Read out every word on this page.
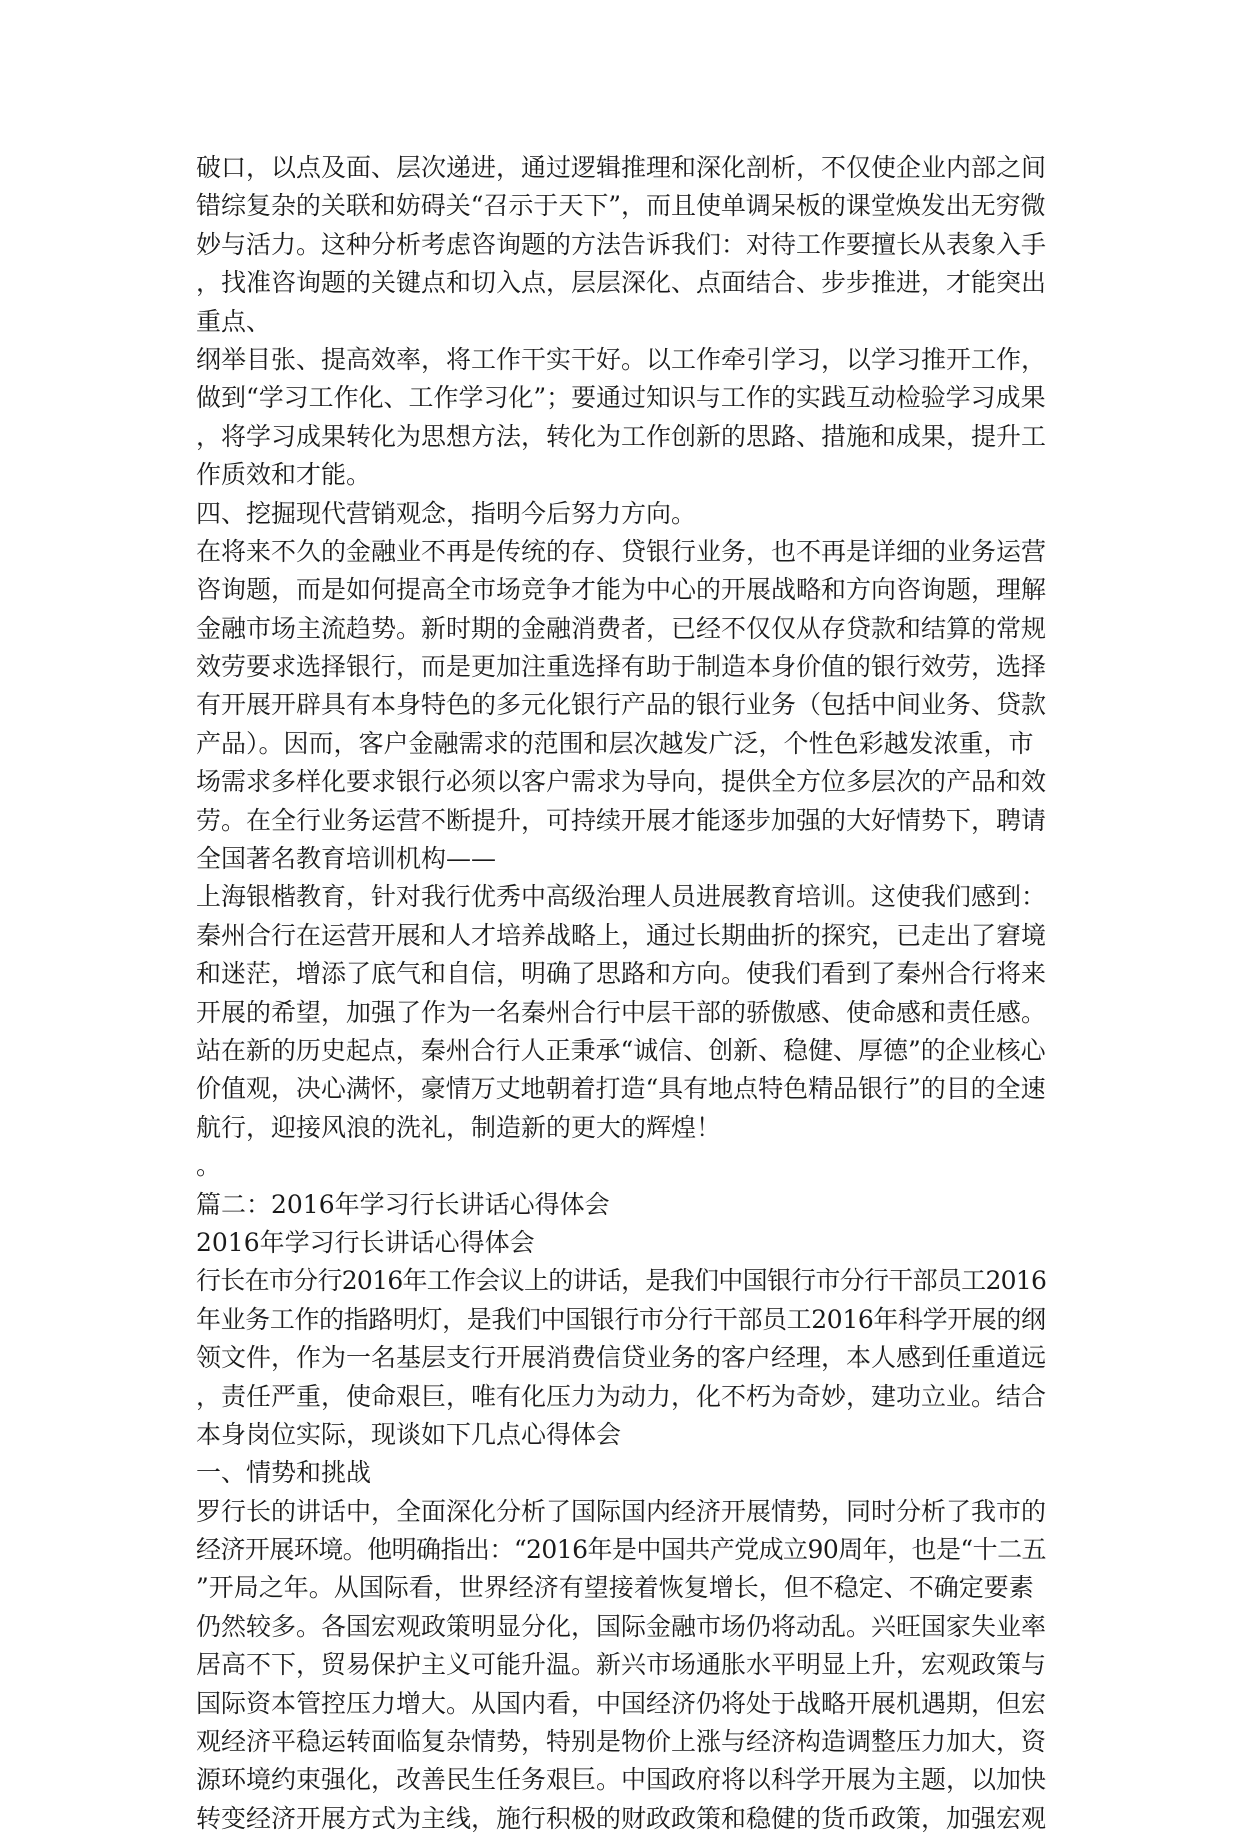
破口，以点及面、层次递进，通过逻辑推理和深化剖析，不仅使企业内部之间
错综复杂的关联和妨碍关“召示于天下”，而且使单调呆板的课堂焕发出无穷微
妙与活力。这种分析考虑咨询题的方法告诉我们：对待工作要擅长从表象入手
，找准咨询题的关键点和切入点，层层深化、点面结合、步步推进，才能突出
重点、
纲举目张、提高效率，将工作干实干好。以工作牵引学习，以学习推开工作，
做到“学习工作化、工作学习化”；要通过知识与工作的实践互动检验学习成果
，将学习成果转化为思想方法，转化为工作创新的思路、措施和成果，提升工
作质效和才能。
四、挖掘现代营销观念，指明今后努力方向。
在将来不久的金融业不再是传统的存、贷银行业务，也不再是详细的业务运营
咨询题，而是如何提高全市场竞争才能为中心的开展战略和方向咨询题，理解
金融市场主流趋势。新时期的金融消费者，已经不仅仅从存贷款和结算的常规
效劳要求选择银行，而是更加注重选择有助于制造本身价值的银行效劳，选择
有开展开辟具有本身特色的多元化银行产品的银行业务（包括中间业务、贷款
产品）。因而，客户金融需求的范围和层次越发广泛，个性色彩越发浓重，市
场需求多样化要求银行必须以客户需求为导向，提供全方位多层次的产品和效
劳。在全行业务运营不断提升，可持续开展才能逐步加强的大好情势下，聘请
全国著名教育培训机构——
上海银楷教育，针对我行优秀中高级治理人员进展教育培训。这使我们感到：
秦州合行在运营开展和人才培养战略上，通过长期曲折的探究，已走出了窘境
和迷茫，增添了底气和自信，明确了思路和方向。使我们看到了秦州合行将来
开展的希望，加强了作为一名秦州合行中层干部的骄傲感、使命感和责任感。
站在新的历史起点，秦州合行人正秉承“诚信、创新、稳健、厚德”的企业核心
价值观，决心满怀，豪情万丈地朝着打造“具有地点特色精品银行”的目的全速
航行，迎接风浪的洗礼，制造新的更大的辉煌！
。
篇二：2016年学习行长讲话心得体会
2016年学习行长讲话心得体会
行长在市分行2016年工作会议上的讲话，是我们中国银行市分行干部员工2016
年业务工作的指路明灯，是我们中国银行市分行干部员工2016年科学开展的纲
领文件，作为一名基层支行开展消费信贷业务的客户经理，本人感到任重道远
，责任严重，使命艰巨，唯有化压力为动力，化不朽为奇妙，建功立业。结合
本身岗位实际，现谈如下几点心得体会
一、情势和挑战
罗行长的讲话中，全面深化分析了国际国内经济开展情势，同时分析了我市的
经济开展环境。他明确指出：“2016年是中国共产党成立90周年，也是“十二五
”开局之年。从国际看，世界经济有望接着恢复增长，但不稳定、不确定要素
仍然较多。各国宏观政策明显分化，国际金融市场仍将动乱。兴旺国家失业率
居高不下，贸易保护主义可能升温。新兴市场通胀水平明显上升，宏观政策与
国际资本管控压力增大。从国内看，中国经济仍将处于战略开展机遇期，但宏
观经济平稳运转面临复杂情势，特别是物价上涨与经济构造调整压力加大，资
源环境约束强化，改善民生任务艰巨。中国政府将以科学开展为主题，以加快
转变经济开展方式为主线，施行积极的财政政策和稳健的货币政策，加强宏观
